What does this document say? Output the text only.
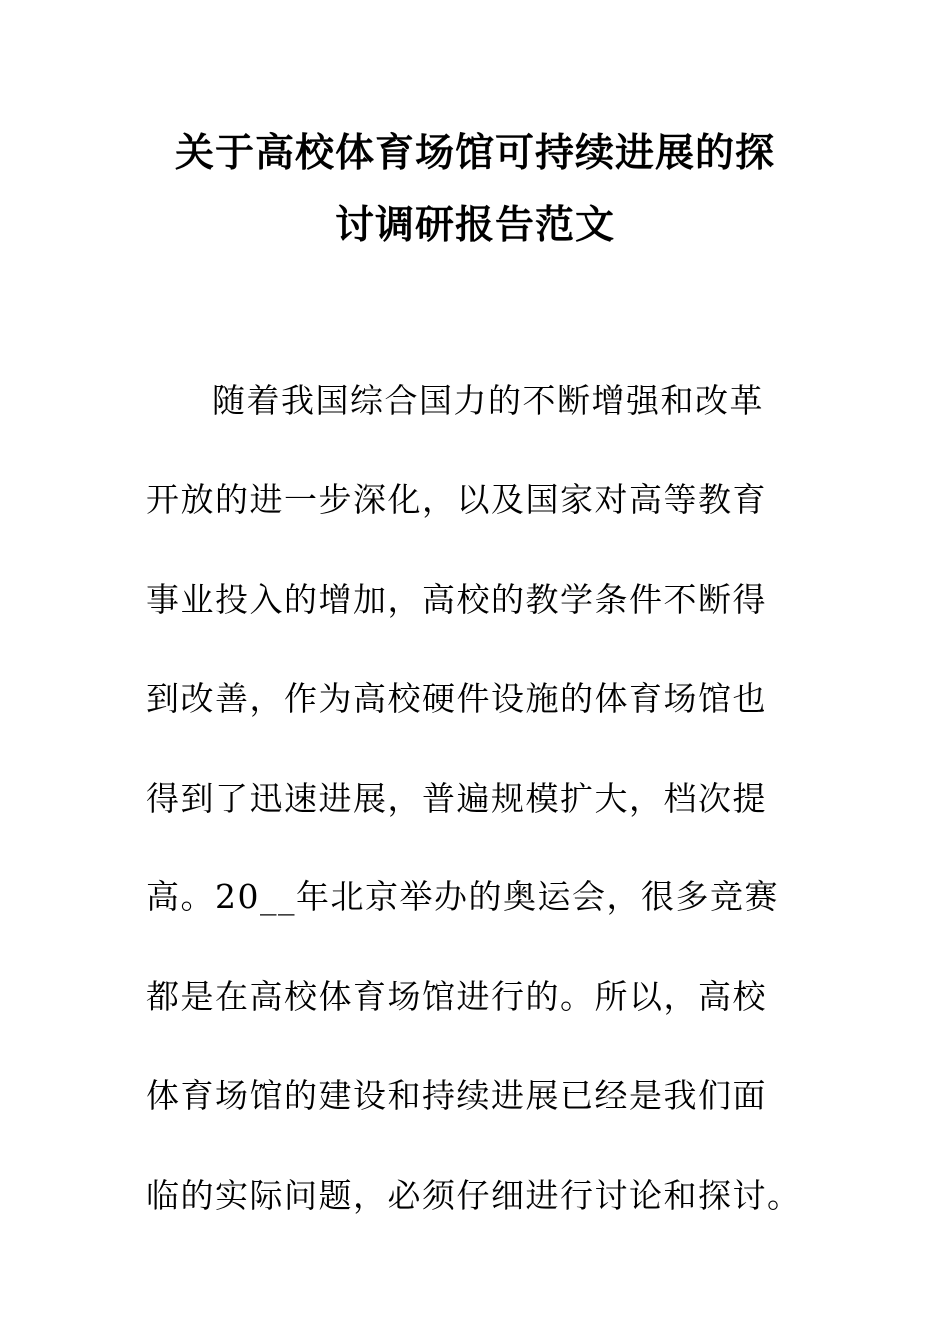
关于高校体育场馆可持续进展的探
讨调研报告范文
随着我国综合国力的不断增强和改革
开放的进一步深化，以及国家对高等教育
事业投入的增加，高校的教学条件不断得
到改善，作为高校硬件设施的体育场馆也
得到了迅速进展，普遍规模扩大，档次提
高。20__年北京举办的奥运会，很多竞赛
都是在高校体育场馆进行的。所以，高校
体育场馆的建设和持续进展已经是我们面
临的实际问题，必须仔细进行讨论和探讨。
